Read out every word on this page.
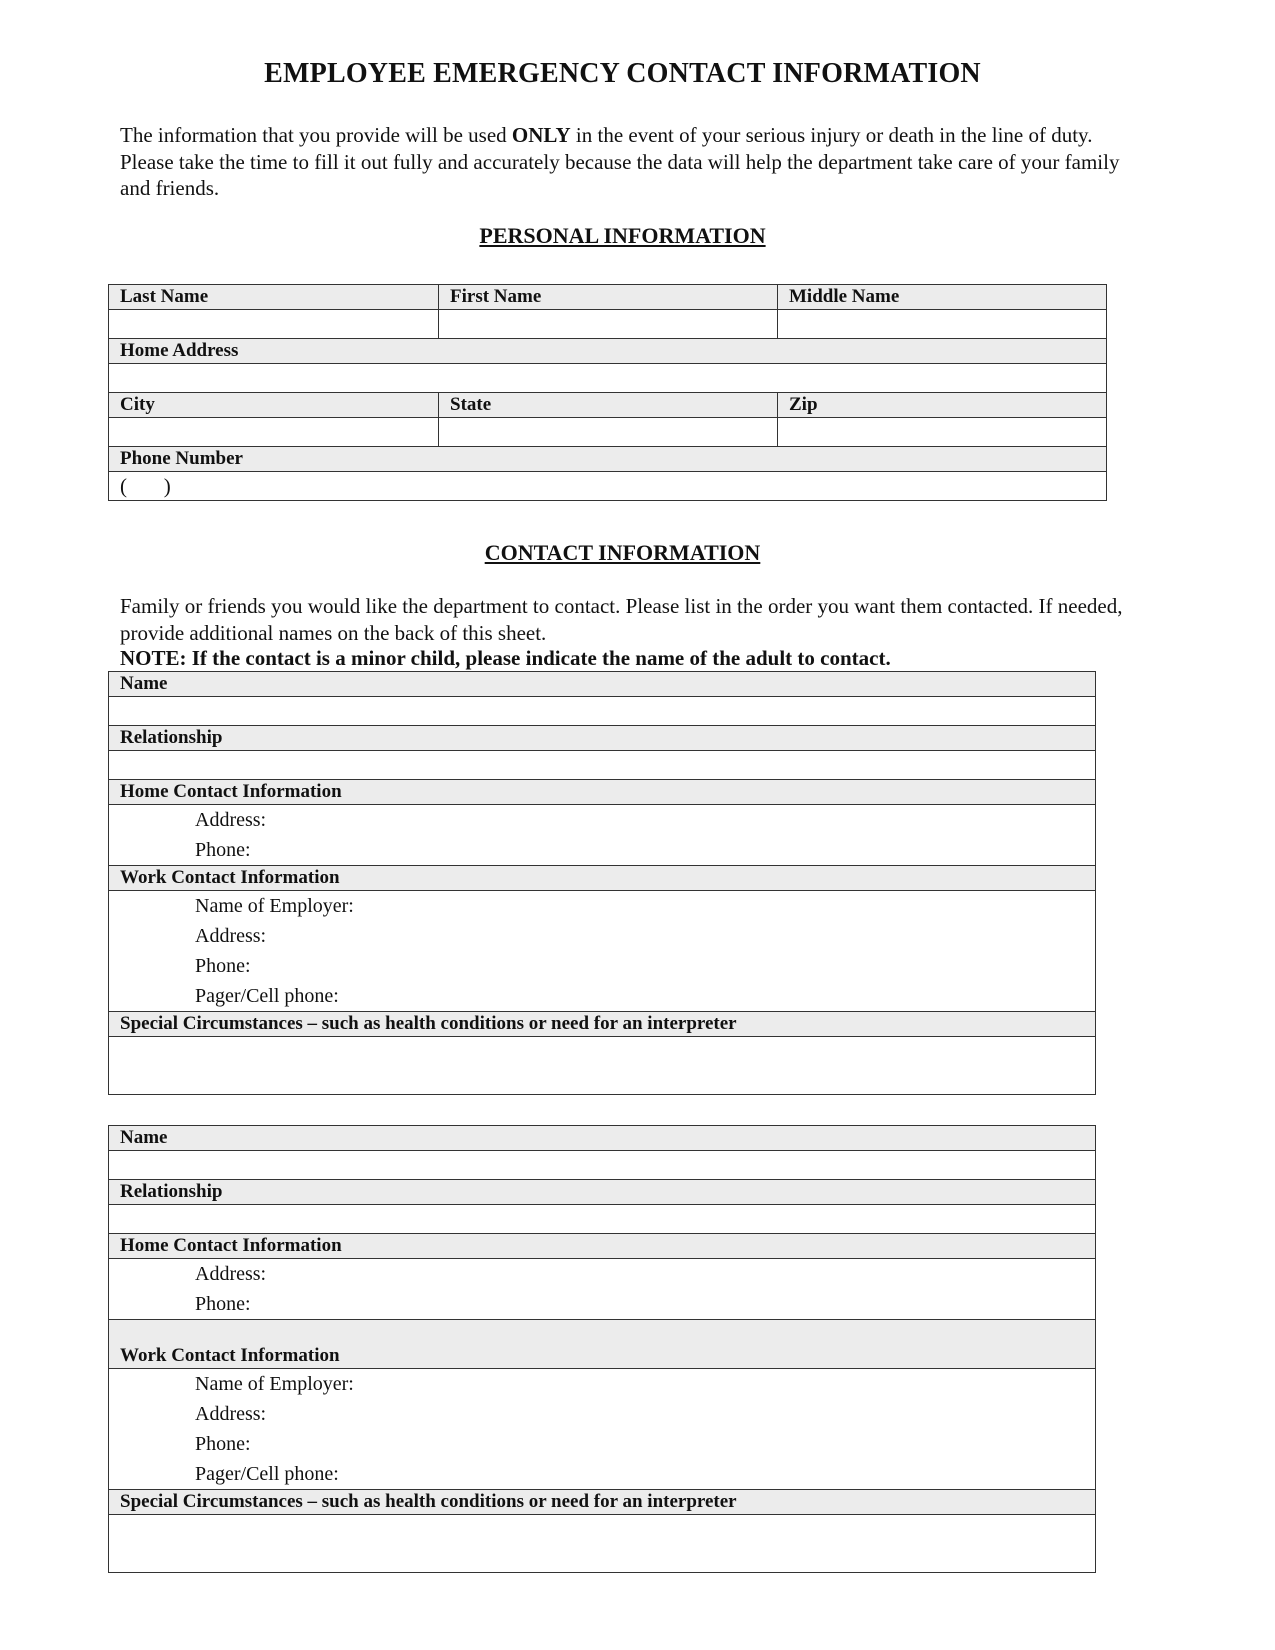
EMPLOYEE EMERGENCY CONTACT INFORMATION
The information that you provide will be used ONLY in the event of your serious injury or death in the line of duty. Please take the time to fill it out fully and accurately because the data will help the department take care of your family and friends.
PERSONAL INFORMATION
Last Name	First Name	Middle Name

Home Address		

City	State	Zip

Phone Number		
(       )		
CONTACT INFORMATION
Family or friends you would like the department to contact. Please list in the order you want them contacted. If needed, provide additional names on the back of this sheet.
NOTE: If the contact is a minor child, please indicate the name of the adult to contact.
Name

Relationship

Home Contact Information

Address:
Phone:

Work Contact Information

Name of Employer:
Address:
Phone:
Pager/Cell phone:

Special Circumstances – such as health conditions or need for an interpreter

Name

Relationship

Home Contact Information

Address:
Phone:

Work Contact Information

Name of Employer:
Address:
Phone:
Pager/Cell phone:

Special Circumstances – such as health conditions or need for an interpreter
